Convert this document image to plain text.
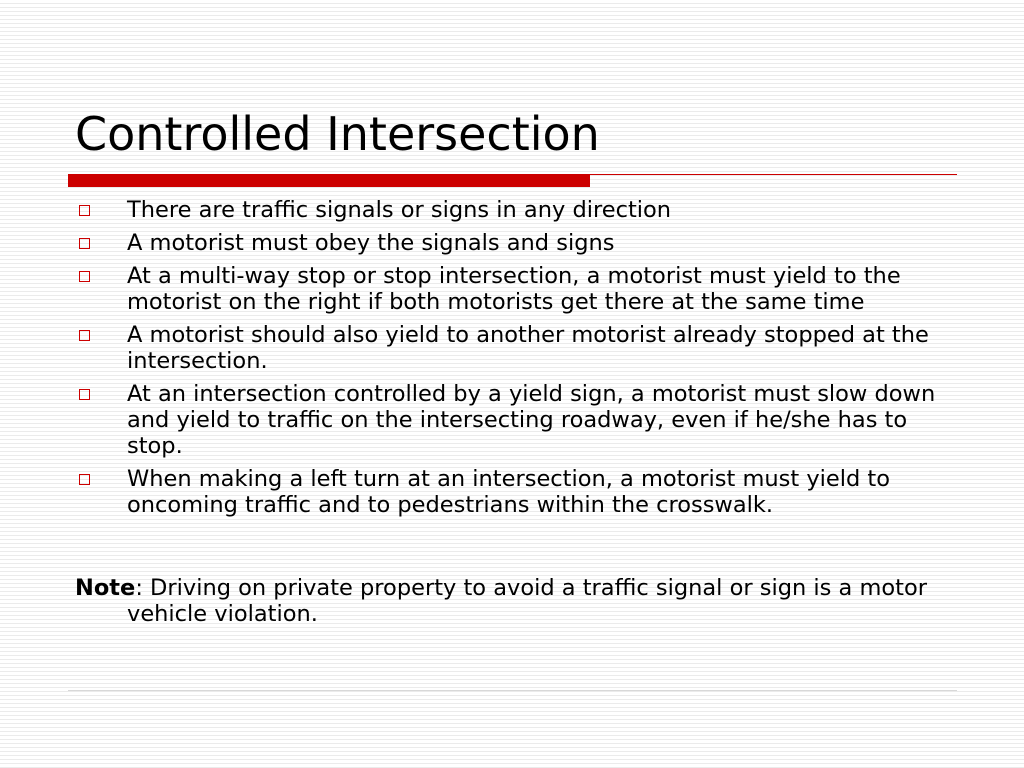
Controlled Intersection
There are traffic signals or signs in any direction
A motorist must obey the signals and signs
At a multi-way stop or stop intersection, a motorist must yield to the motorist on the right if both motorists get there at the same time
A motorist should also yield to another motorist already stopped at the intersection.
At an intersection controlled by a yield sign, a motorist must slow down and yield to traffic on the intersecting roadway, even if he/she has to stop.
When making a left turn at an intersection, a motorist must yield to oncoming traffic and to pedestrians within the crosswalk.

Note: Driving on private property to avoid a traffic signal or sign is a motor vehicle violation.
